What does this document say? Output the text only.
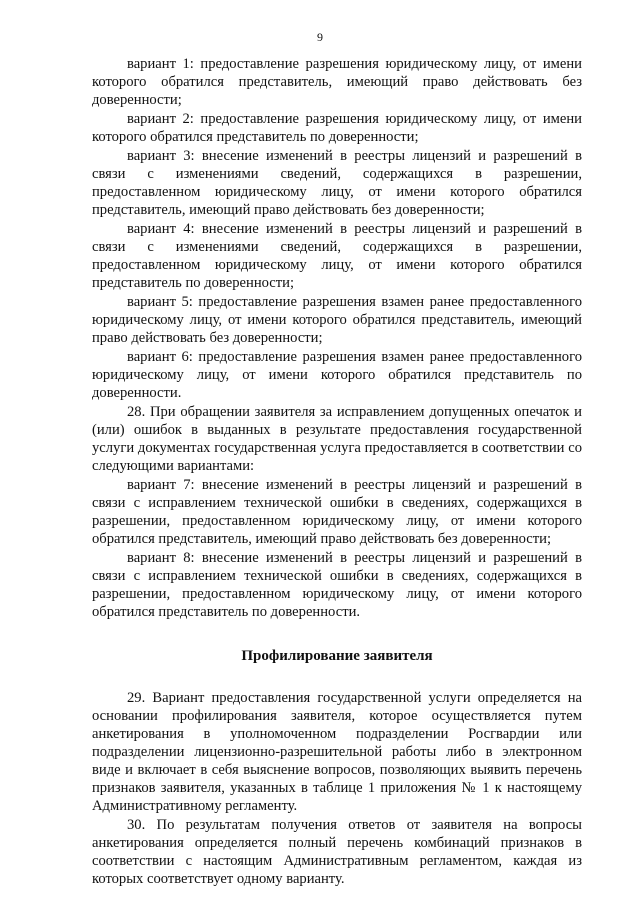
9

вариант 1: предоставление разрешения юридическому лицу, от имени которого обратился представитель, имеющий право действовать без доверенности;

вариант 2: предоставление разрешения юридическому лицу, от имени которого обратился представитель по доверенности;

вариант 3: внесение изменений в реестры лицензий и разрешений в связи с изменениями сведений, содержащихся в разрешении, предоставленном юридическому лицу, от имени которого обратился представитель, имеющий право действовать без доверенности;

вариант 4: внесение изменений в реестры лицензий и разрешений в связи с изменениями сведений, содержащихся в разрешении, предоставленном юридическому лицу, от имени которого обратился представитель по доверенности;

вариант 5: предоставление разрешения взамен ранее предоставленного юридическому лицу, от имени которого обратился представитель, имеющий право действовать без доверенности;

вариант 6: предоставление разрешения взамен ранее предоставленного юридическому лицу, от имени которого обратился представитель по доверенности.

28. При обращении заявителя за исправлением допущенных опечаток и (или) ошибок в выданных в результате предоставления государственной услуги документах государственная услуга предоставляется в соответствии со следующими вариантами:

вариант 7: внесение изменений в реестры лицензий и разрешений в связи с исправлением технической ошибки в сведениях, содержащихся в разрешении, предоставленном юридическому лицу, от имени которого обратился представитель, имеющий право действовать без доверенности;

вариант 8: внесение изменений в реестры лицензий и разрешений в связи с исправлением технической ошибки в сведениях, содержащихся в разрешении, предоставленном юридическому лицу, от имени которого обратился представитель по доверенности.

Профилирование заявителя

29. Вариант предоставления государственной услуги определяется на основании профилирования заявителя, которое осуществляется путем анкетирования в уполномоченном подразделении Росгвардии или подразделении лицензионно-разрешительной работы либо в электронном виде и включает в себя выяснение вопросов, позволяющих выявить перечень признаков заявителя, указанных в таблице 1 приложения № 1 к настоящему Административному регламенту.

30. По результатам получения ответов от заявителя на вопросы анкетирования определяется полный перечень комбинаций признаков в соответствии с настоящим Административным регламентом, каждая из которых соответствует одному варианту.
